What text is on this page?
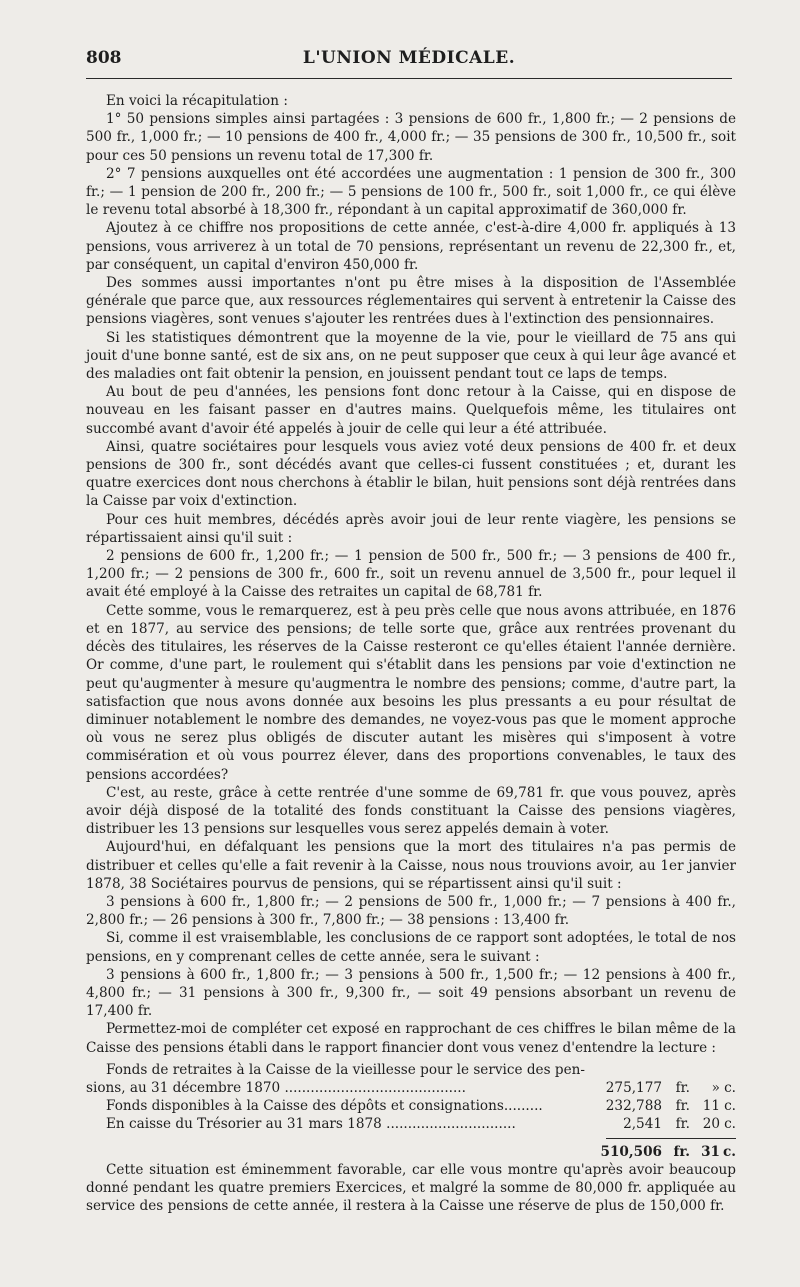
808	L'UNION MÉDICALE.

En voici la récapitulation :

1° 50 pensions simples ainsi partagées : 3 pensions de 600 fr., 1,800 fr.; — 2 pensions de 500 fr., 1,000 fr.; — 10 pensions de 400 fr., 4,000 fr.; — 35 pensions de 300 fr., 10,500 fr., soit pour ces 50 pensions un revenu total de 17,300 fr.

2° 7 pensions auxquelles ont été accordées une augmentation : 1 pension de 300 fr., 300 fr.; — 1 pension de 200 fr., 200 fr.; — 5 pensions de 100 fr., 500 fr., soit 1,000 fr., ce qui élève le revenu total absorbé à 18,300 fr., répondant à un capital approximatif de 360,000 fr.

Ajoutez à ce chiffre nos propositions de cette année, c'est-à-dire 4,000 fr. appliqués à 13 pensions, vous arriverez à un total de 70 pensions, représentant un revenu de 22,300 fr., et, par conséquent, un capital d'environ 450,000 fr.

Des sommes aussi importantes n'ont pu être mises à la disposition de l'Assemblée générale que parce que, aux ressources réglementaires qui servent à entretenir la Caisse des pensions viagères, sont venues s'ajouter les rentrées dues à l'extinction des pensionnaires.

Si les statistiques démontrent que la moyenne de la vie, pour le vieillard de 75 ans qui jouit d'une bonne santé, est de six ans, on ne peut supposer que ceux à qui leur âge avancé et des maladies ont fait obtenir la pension, en jouissent pendant tout ce laps de temps.

Au bout de peu d'années, les pensions font donc retour à la Caisse, qui en dispose de nouveau en les faisant passer en d'autres mains. Quelquefois même, les titulaires ont succombé avant d'avoir été appelés à jouir de celle qui leur a été attribuée.

Ainsi, quatre sociétaires pour lesquels vous aviez voté deux pensions de 400 fr. et deux pensions de 300 fr., sont décédés avant que celles-ci fussent constituées ; et, durant les quatre exercices dont nous cherchons à établir le bilan, huit pensions sont déjà rentrées dans la Caisse par voix d'extinction.

Pour ces huit membres, décédés après avoir joui de leur rente viagère, les pensions se répartissaient ainsi qu'il suit :

2 pensions de 600 fr., 1,200 fr.; — 1 pension de 500 fr., 500 fr.; — 3 pensions de 400 fr., 1,200 fr.; — 2 pensions de 300 fr., 600 fr., soit un revenu annuel de 3,500 fr., pour lequel il avait été employé à la Caisse des retraites un capital de 68,781 fr.

Cette somme, vous le remarquerez, est à peu près celle que nous avons attribuée, en 1876 et en 1877, au service des pensions; de telle sorte que, grâce aux rentrées provenant du décès des titulaires, les réserves de la Caisse resteront ce qu'elles étaient l'année dernière. Or comme, d'une part, le roulement qui s'établit dans les pensions par voie d'extinction ne peut qu'augmenter à mesure qu'augmentra le nombre des pensions; comme, d'autre part, la satisfaction que nous avons donnée aux besoins les plus pressants a eu pour résultat de diminuer notablement le nombre des demandes, ne voyez-vous pas que le moment approche où vous ne serez plus obligés de discuter autant les misères qui s'imposent à votre commisération et où vous pourrez élever, dans des proportions convenables, le taux des pensions accordées?

C'est, au reste, grâce à cette rentrée d'une somme de 69,781 fr. que vous pouvez, après avoir déjà disposé de la totalité des fonds constituant la Caisse des pensions viagères, distribuer les 13 pensions sur lesquelles vous serez appelés demain à voter.

Aujourd'hui, en défalquant les pensions que la mort des titulaires n'a pas permis de distribuer et celles qu'elle a fait revenir à la Caisse, nous nous trouvions avoir, au 1er janvier 1878, 38 Sociétaires pourvus de pensions, qui se répartissent ainsi qu'il suit :

3 pensions à 600 fr., 1,800 fr.; — 2 pensions de 500 fr., 1,000 fr.; — 7 pensions à 400 fr., 2,800 fr.; — 26 pensions à 300 fr., 7,800 fr.; — 38 pensions : 13,400 fr.

Si, comme il est vraisemblable, les conclusions de ce rapport sont adoptées, le total de nos pensions, en y comprenant celles de cette année, sera le suivant :

3 pensions à 600 fr., 1,800 fr.; — 3 pensions à 500 fr., 1,500 fr.; — 12 pensions à 400 fr., 4,800 fr.; — 31 pensions à 300 fr., 9,300 fr., — soit 49 pensions absorbant un revenu de 17,400 fr.

Permettez-moi de compléter cet exposé en rapprochant de ces chiffres le bilan même de la Caisse des pensions établi dans le rapport financier dont vous venez d'entendre la lecture :

Fonds de retraites à la Caisse de la vieillesse pour le service des pen-
sions, au 31 décembre 1870 ..........................................	275,177	fr.	» c.
Fonds disponibles à la Caisse des dépôts et consignations.........	232,788	fr. 11 c.
En caisse du Trésorier au 31 mars 1878 ..............................	2,541	fr. 20 c.
510,506 fr. 31 c.

Cette situation est éminemment favorable, car elle vous montre qu'après avoir beaucoup donné pendant les quatre premiers Exercices, et malgré la somme de 80,000 fr. appliquée au service des pensions de cette année, il restera à la Caisse une réserve de plus de 150,000 fr.
